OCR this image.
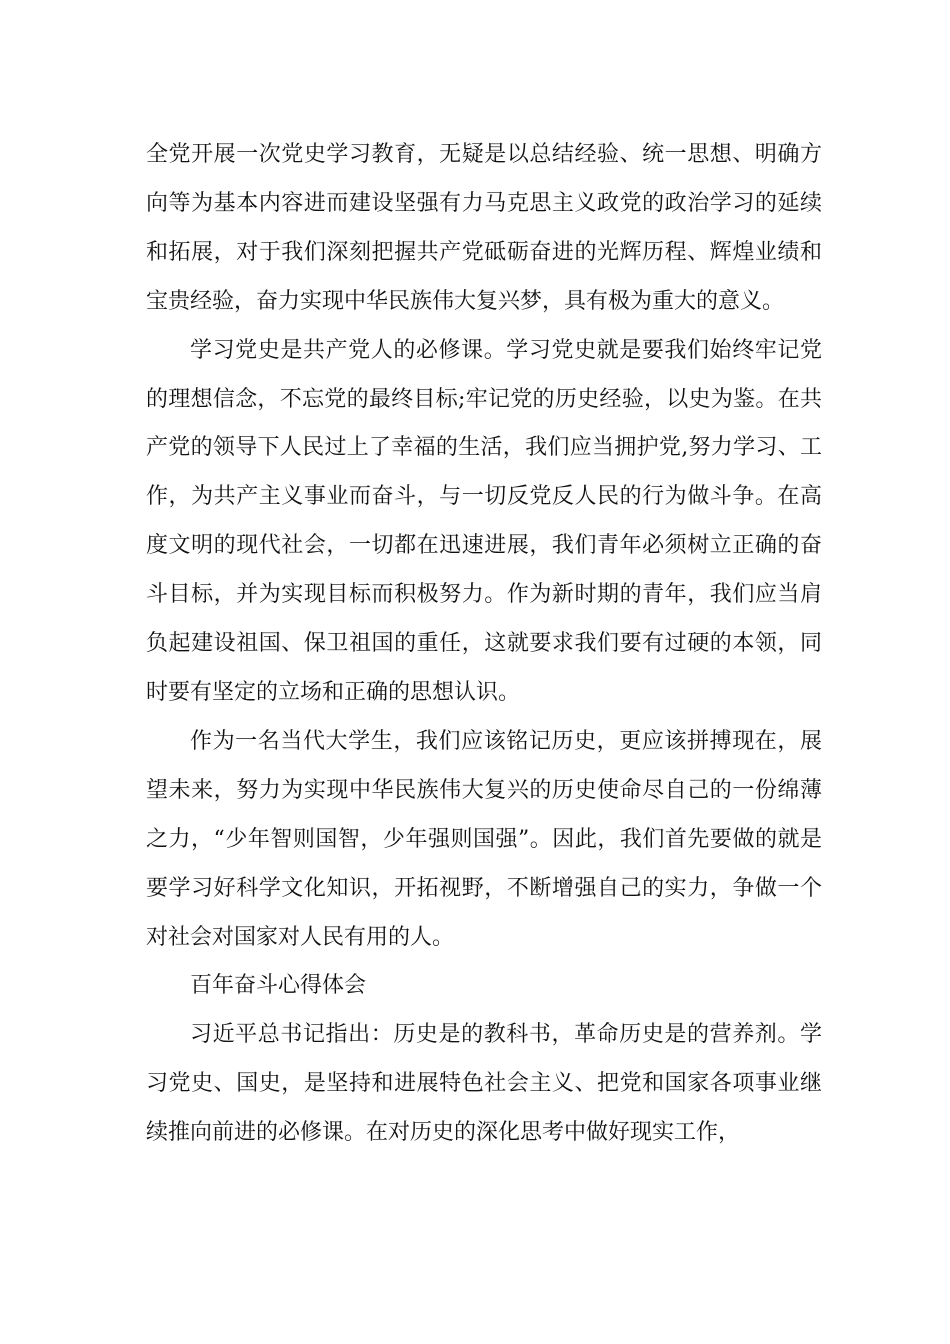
全党开展一次党史学习教育，无疑是以总结经验、统一思想、明确方向等为基本内容进而建设坚强有力马克思主义政党的政治学习的延续和拓展，对于我们深刻把握共产党砥砺奋进的光辉历程、辉煌业绩和宝贵经验，奋力实现中华民族伟大复兴梦，具有极为重大的意义。

学习党史是共产党人的必修课。学习党史就是要我们始终牢记党的理想信念，不忘党的最终目标;牢记党的历史经验，以史为鉴。在共产党的领导下人民过上了幸福的生活，我们应当拥护党,努力学习、工作，为共产主义事业而奋斗，与一切反党反人民的行为做斗争。在高度文明的现代社会，一切都在迅速进展，我们青年必须树立正确的奋斗目标，并为实现目标而积极努力。作为新时期的青年，我们应当肩负起建设祖国、保卫祖国的重任，这就要求我们要有过硬的本领，同时要有坚定的立场和正确的思想认识。

作为一名当代大学生，我们应该铭记历史，更应该拼搏现在，展望未来，努力为实现中华民族伟大复兴的历史使命尽自己的一份绵薄之力，“少年智则国智，少年强则国强”。因此，我们首先要做的就是要学习好科学文化知识，开拓视野，不断增强自己的实力，争做一个对社会对国家对人民有用的人。

百年奋斗心得体会

习近平总书记指出：历史是的教科书，革命历史是的营养剂。学习党史、国史，是坚持和进展特色社会主义、把党和国家各项事业继续推向前进的必修课。在对历史的深化思考中做好现实工作，
